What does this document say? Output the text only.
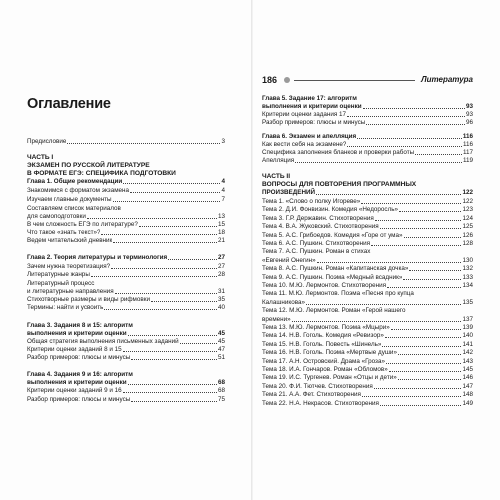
Оглавление
186	Литература
Предисловие	3
ЧАСТЬ I
ЭКЗАМЕН ПО РУССКОЙ ЛИТЕРАТУРЕ
В ФОРМАТЕ ЕГЭ: СПЕЦИФИКА ПОДГОТОВКИ
Глава 1. Общие рекомендации	4
Знакомимся с форматом экзамена	4
Изучаем главные документы	7
Составляем список материалов
для самоподготовки	13
В чем сложность ЕГЭ по литературе?	15
Что такое «знать текст»?	18
Ведем читательский дневник	21
Глава 2. Теория литературы и терминология	27
Зачем нужна теоретизация?	27
Литературные жанры	28
Литературный процесс
и литературные направления	31
Стихотворные размеры и виды рифмовки	35
Термины: найти и усвоить	40
Глава 3. Задания 8 и 15: алгоритм
выполнения и критерии оценки	45
Общая стратегия выполнения письменных заданий	45
Критерии оценки заданий 8 и 15	47
Разбор примеров: плюсы и минусы	51
Глава 4. Задания 9 и 16: алгоритм
выполнения и критерии оценки	68
Критерии оценки заданий 9 и 16	68
Разбор примеров: плюсы и минусы	75
Глава 5. Задание 17: алгоритм
выполнения и критерии оценки	93
Критерии оценки задания 17	93
Разбор примеров: плюсы и минусы	96
Глава 6. Экзамен и апелляция	116
Как вести себя на экзамене?	116
Специфика заполнения бланков и проверки работы	117
Апелляция	119
ЧАСТЬ II
ВОПРОСЫ ДЛЯ ПОВТОРЕНИЯ ПРОГРАММНЫХ
ПРОИЗВЕДЕНИЙ	122
Тема 1. «Слово о полку Игореве»	122
Тема 2. Д.И. Фонвизин. Комедия «Недоросль»	123
Тема 3. Г.Р. Державин. Стихотворения	124
Тема 4. В.А. Жуковский. Стихотворения	125
Тема 5. А.С. Грибоедов. Комедия «Горе от ума»	126
Тема 6. А.С. Пушкин. Стихотворения	128
Тема 7. А.С. Пушкин. Роман в стихах
«Евгений Онегин»	130
Тема 8. А.С. Пушкин. Роман «Капитанская дочка»	132
Тема 9. А.С. Пушкин. Поэма «Медный всадник»	133
Тема 10. М.Ю. Лермонтов. Стихотворения	134
Тема 11. М.Ю. Лермонтов. Поэма «Песня про купца
Калашникова»	135
Тема 12. М.Ю. Лермонтов. Роман «Герой нашего
времени»	137
Тема 13. М.Ю. Лермонтов. Поэма «Мцыри»	139
Тема 14. Н.В. Гоголь. Комедия «Ревизор»	140
Тема 15. Н.В. Гоголь. Повесть «Шинель»	141
Тема 16. Н.В. Гоголь. Поэма «Мертвые души»	142
Тема 17. А.Н. Островский. Драма «Гроза»	143
Тема 18. И.А. Гончаров. Роман «Обломов»	145
Тема 19. И.С. Тургенев. Роман «Отцы и дети»	146
Тема 20. Ф.И. Тютчев. Стихотворения	147
Тема 21. А.А. Фет. Стихотворения	148
Тема 22. Н.А. Некрасов. Стихотворения	149
